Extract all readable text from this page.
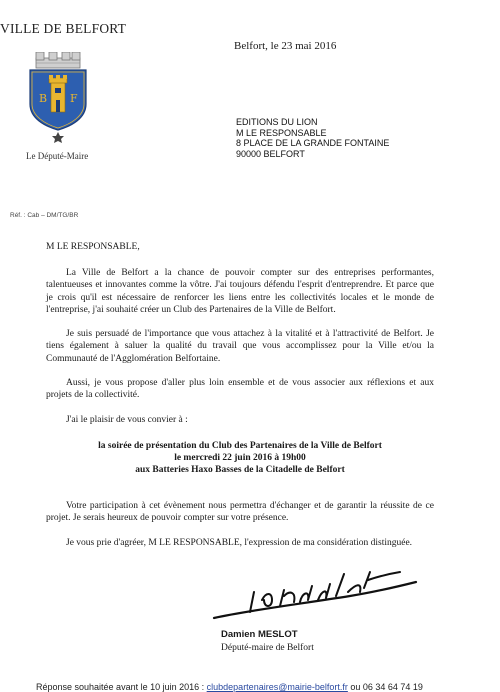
VILLE DE BELFORT
B F
Le Député-Maire
Belfort, le 23 mai 2016
EDITIONS DU LION
M LE RESPONSABLE
8 PLACE DE LA GRANDE FONTAINE
90000 BELFORT
Réf. : Cab – DM/TG/BR
M LE RESPONSABLE,
La Ville de Belfort a la chance de pouvoir compter sur des entreprises performantes, talentueuses et innovantes comme la vôtre. J'ai toujours défendu l'esprit d'entreprendre. Et parce que je crois qu'il est nécessaire de renforcer les liens entre les collectivités locales et le monde de l'entreprise, j'ai souhaité créer un Club des Partenaires de la Ville de Belfort.
Je suis persuadé de l'importance que vous attachez à la vitalité et à l'attractivité de Belfort. Je tiens également à saluer la qualité du travail que vous accomplissez pour la Ville et/ou la Communauté de l'Agglomération Belfortaine.
Aussi, je vous propose d'aller plus loin ensemble et de vous associer aux réflexions et aux projets de la collectivité.
J'ai le plaisir de vous convier à :
la soirée de présentation du Club des Partenaires de la Ville de Belfort
le mercredi 22 juin 2016 à 19h00
aux Batteries Haxo Basses de la Citadelle de Belfort
Votre participation à cet évènement nous permettra d'échanger et de garantir la réussite de ce projet. Je serais heureux de pouvoir compter sur votre présence.
Je vous prie d'agréer, M LE RESPONSABLE, l'expression de ma considération distinguée.
Damien MESLOT
Député-maire de Belfort
Réponse souhaitée avant le 10 juin 2016 : clubdepartenaires@mairie-belfort.fr ou 06 34 64 74 19
